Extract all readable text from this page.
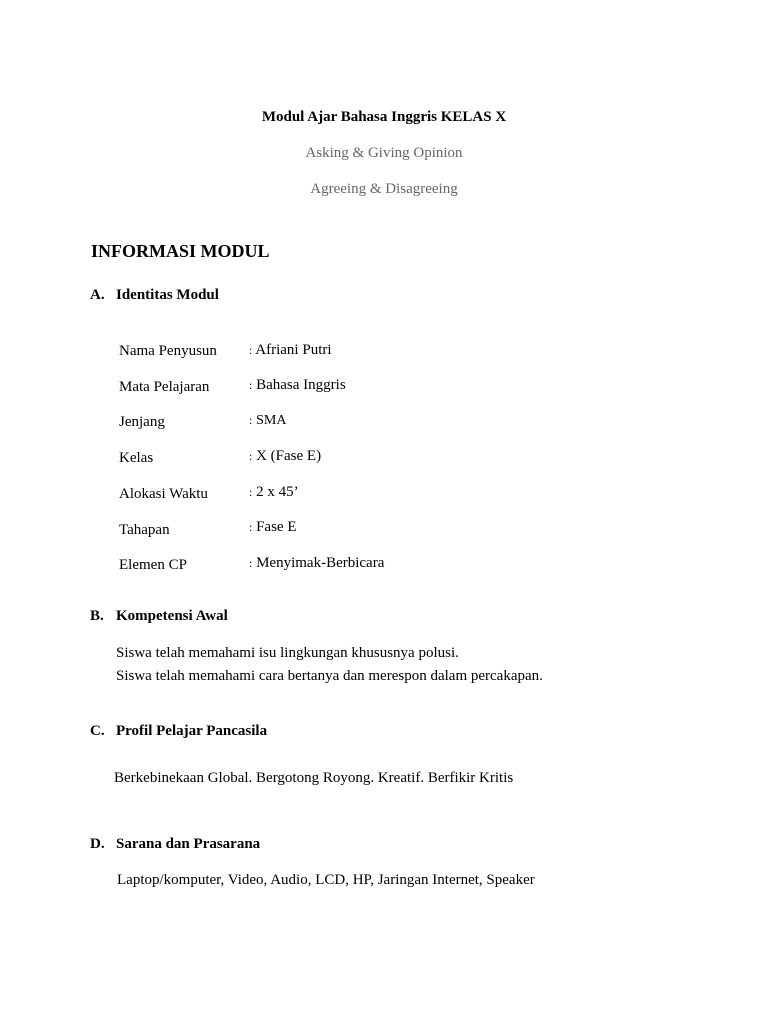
Modul Ajar Bahasa Inggris KELAS X
Asking & Giving Opinion
Agreeing & Disagreeing
INFORMASI MODUL
A. Identitas Modul
Nama Penyusun	: Afriani Putri
Mata Pelajaran	: Bahasa Inggris
Jenjang	: SMA
Kelas	: X (Fase E)
Alokasi Waktu	: 2 x 45’
Tahapan	: Fase E
Elemen CP	: Menyimak-Berbicara
B. Kompetensi Awal
Siswa telah memahami isu lingkungan khususnya polusi.
Siswa telah memahami cara bertanya dan merespon dalam percakapan.
C. Profil Pelajar Pancasila
Berkebinekaan Global. Bergotong Royong. Kreatif. Berfikir Kritis
D. Sarana dan Prasarana
Laptop/komputer, Video, Audio, LCD, HP, Jaringan Internet, Speaker
